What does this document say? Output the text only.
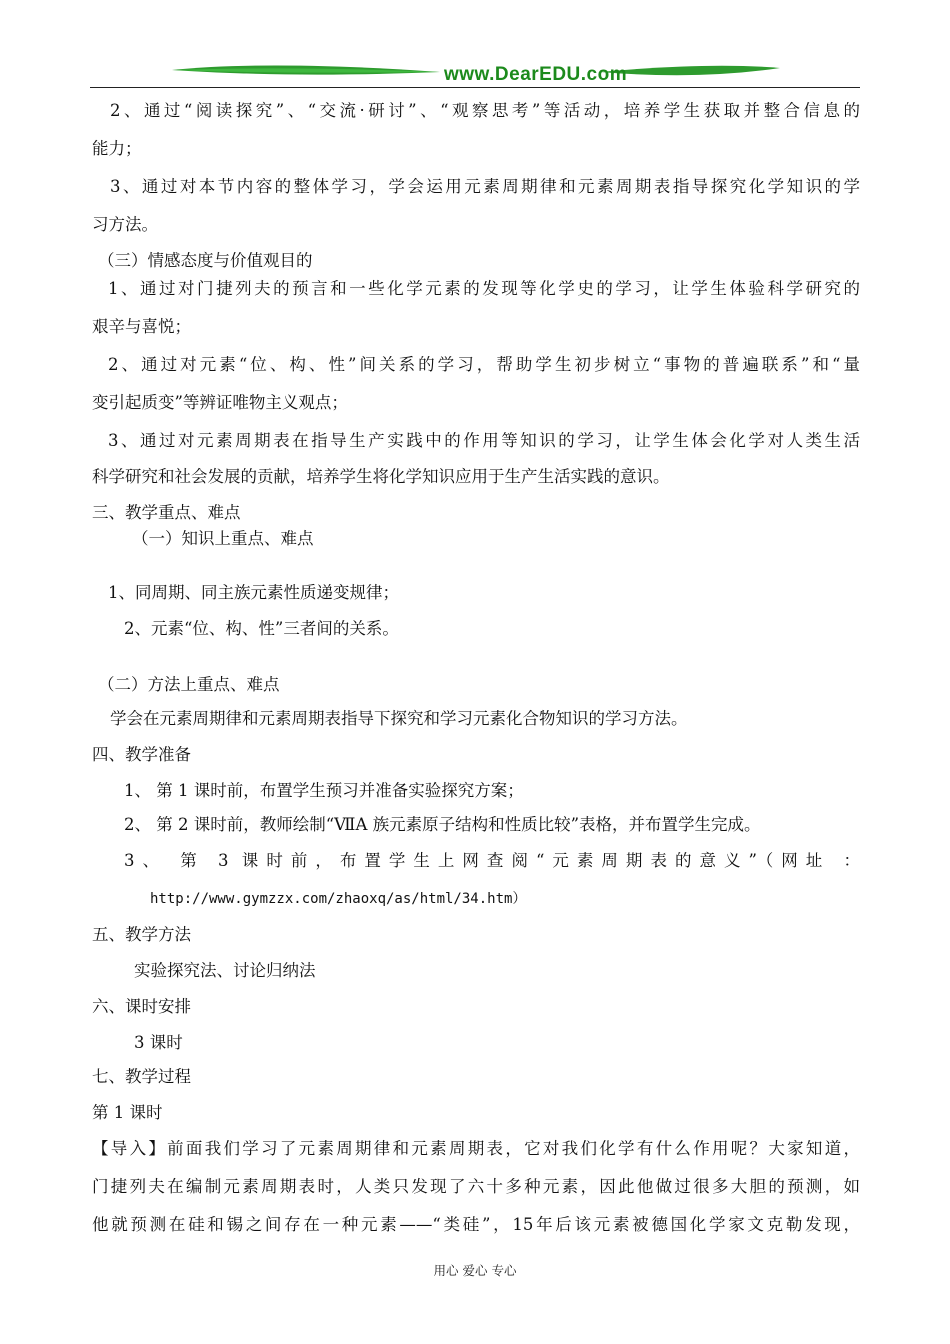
www.DearEDU.com
2、通过“阅读探究”、“交流·研讨”、“观察思考”等活动，培养学生获取并整合信息的
能力；
3、通过对本节内容的整体学习，学会运用元素周期律和元素周期表指导探究化学知识的学
习方法。
（三）情感态度与价值观目的
1、通过对门捷列夫的预言和一些化学元素的发现等化学史的学习，让学生体验科学研究的
艰辛与喜悦；
2、通过对元素“位、构、性”间关系的学习，帮助学生初步树立“事物的普遍联系”和“量
变引起质变”等辨证唯物主义观点；
3、通过对元素周期表在指导生产实践中的作用等知识的学习，让学生体会化学对人类生活
科学研究和社会发展的贡献，培养学生将化学知识应用于生产生活实践的意识。
三、教学重点、难点
（一）知识上重点、难点
1、同周期、同主族元素性质递变规律；
2、元素“位、构、性”三者间的关系。
（二）方法上重点、难点
学会在元素周期律和元素周期表指导下探究和学习元素化合物知识的学习方法。
四、教学准备
1、 第 1 课时前，布置学生预习并准备实验探究方案；
2、 第 2 课时前，教师绘制“ⅦA 族元素原子结构和性质比较”表格，并布置学生完成。
3、 第 3 课时前，布置学生上网查阅“元素周期表的意义”（网址 ：
http://www.gymzzx.com/zhaoxq/as/html/34.htm）
五、教学方法
实验探究法、讨论归纳法
六、课时安排
3 课时
七、教学过程
第 1 课时
【导入】前面我们学习了元素周期律和元素周期表，它对我们化学有什么作用呢？大家知道，
门捷列夫在编制元素周期表时，人类只发现了六十多种元素，因此他做过很多大胆的预测，如
他就预测在硅和锡之间存在一种元素——“类硅”，15年后该元素被德国化学家文克勒发现，
用心 爱心 专心
